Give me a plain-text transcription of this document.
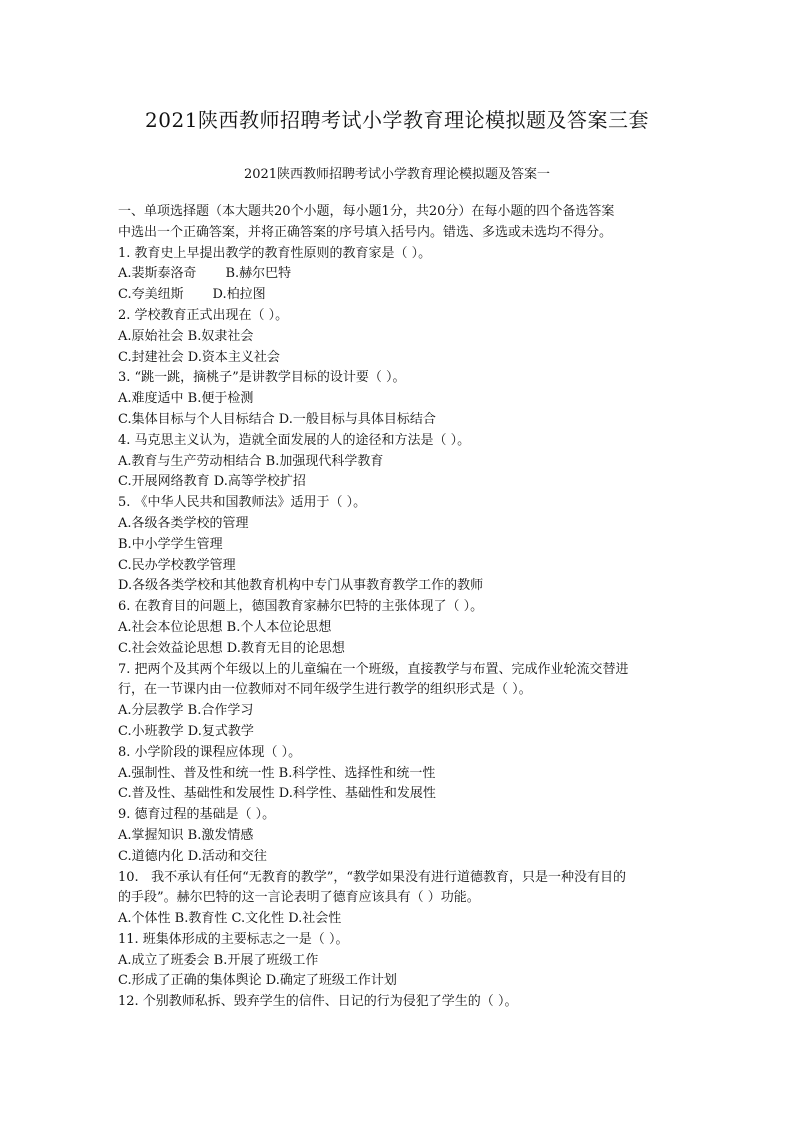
2021陕西教师招聘考试小学教育理论模拟题及答案三套
2021陕西教师招聘考试小学教育理论模拟题及答案一

一、单项选择题（本大题共20个小题，每小题1分，共20分）在每小题的四个备选答案

中选出一个正确答案，并将正确答案的序号填入括号内。错选、多选或未选均不得分。

1. 教育史上早提出教学的教育性原则的教育家是（ ）。

A.裴斯泰洛奇       B.赫尔巴特

C.夸美纽斯       D.柏拉图

2. 学校教育正式出现在（ ）。

A.原始社会 B.奴隶社会

C.封建社会 D.资本主义社会

3. “跳一跳，摘桃子”是讲教学目标的设计要（ ）。

A.难度适中 B.便于检测

C.集体目标与个人目标结合 D.一般目标与具体目标结合

4. 马克思主义认为，造就全面发展的人的途径和方法是（ ）。

A.教育与生产劳动相结合 B.加强现代科学教育

C.开展网络教育 D.高等学校扩招

5. 《中华人民共和国教师法》适用于（ ）。

A.各级各类学校的管理

B.中小学学生管理

C.民办学校教学管理

D.各级各类学校和其他教育机构中专门从事教育教学工作的教师

6. 在教育目的问题上，德国教育家赫尔巴特的主张体现了（ ）。

A.社会本位论思想 B.个人本位论思想

C.社会效益论思想 D.教育无目的论思想

7. 把两个及其两个年级以上的儿童编在一个班级，直接教学与布置、完成作业轮流交替进

行，在一节课内由一位教师对不同年级学生进行教学的组织形式是（ ）。

A.分层教学 B.合作学习

C.小班教学 D.复式教学

8. 小学阶段的课程应体现（ ）。

A.强制性、普及性和统一性 B.科学性、选择性和统一性

C.普及性、基础性和发展性 D.科学性、基础性和发展性

9. 德育过程的基础是（ ）。

A.掌握知识 B.激发情感

C.道德内化 D.活动和交往

10.   我不承认有任何“无教育的教学”，“教学如果没有进行道德教育，只是一种没有目的

的手段”。赫尔巴特的这一言论表明了德育应该具有（ ）功能。

A.个体性 B.教育性 C.文化性 D.社会性

11. 班集体形成的主要标志之一是（ ）。

A.成立了班委会 B.开展了班级工作

C.形成了正确的集体舆论 D.确定了班级工作计划

12. 个别教师私拆、毁弃学生的信件、日记的行为侵犯了学生的（ ）。
